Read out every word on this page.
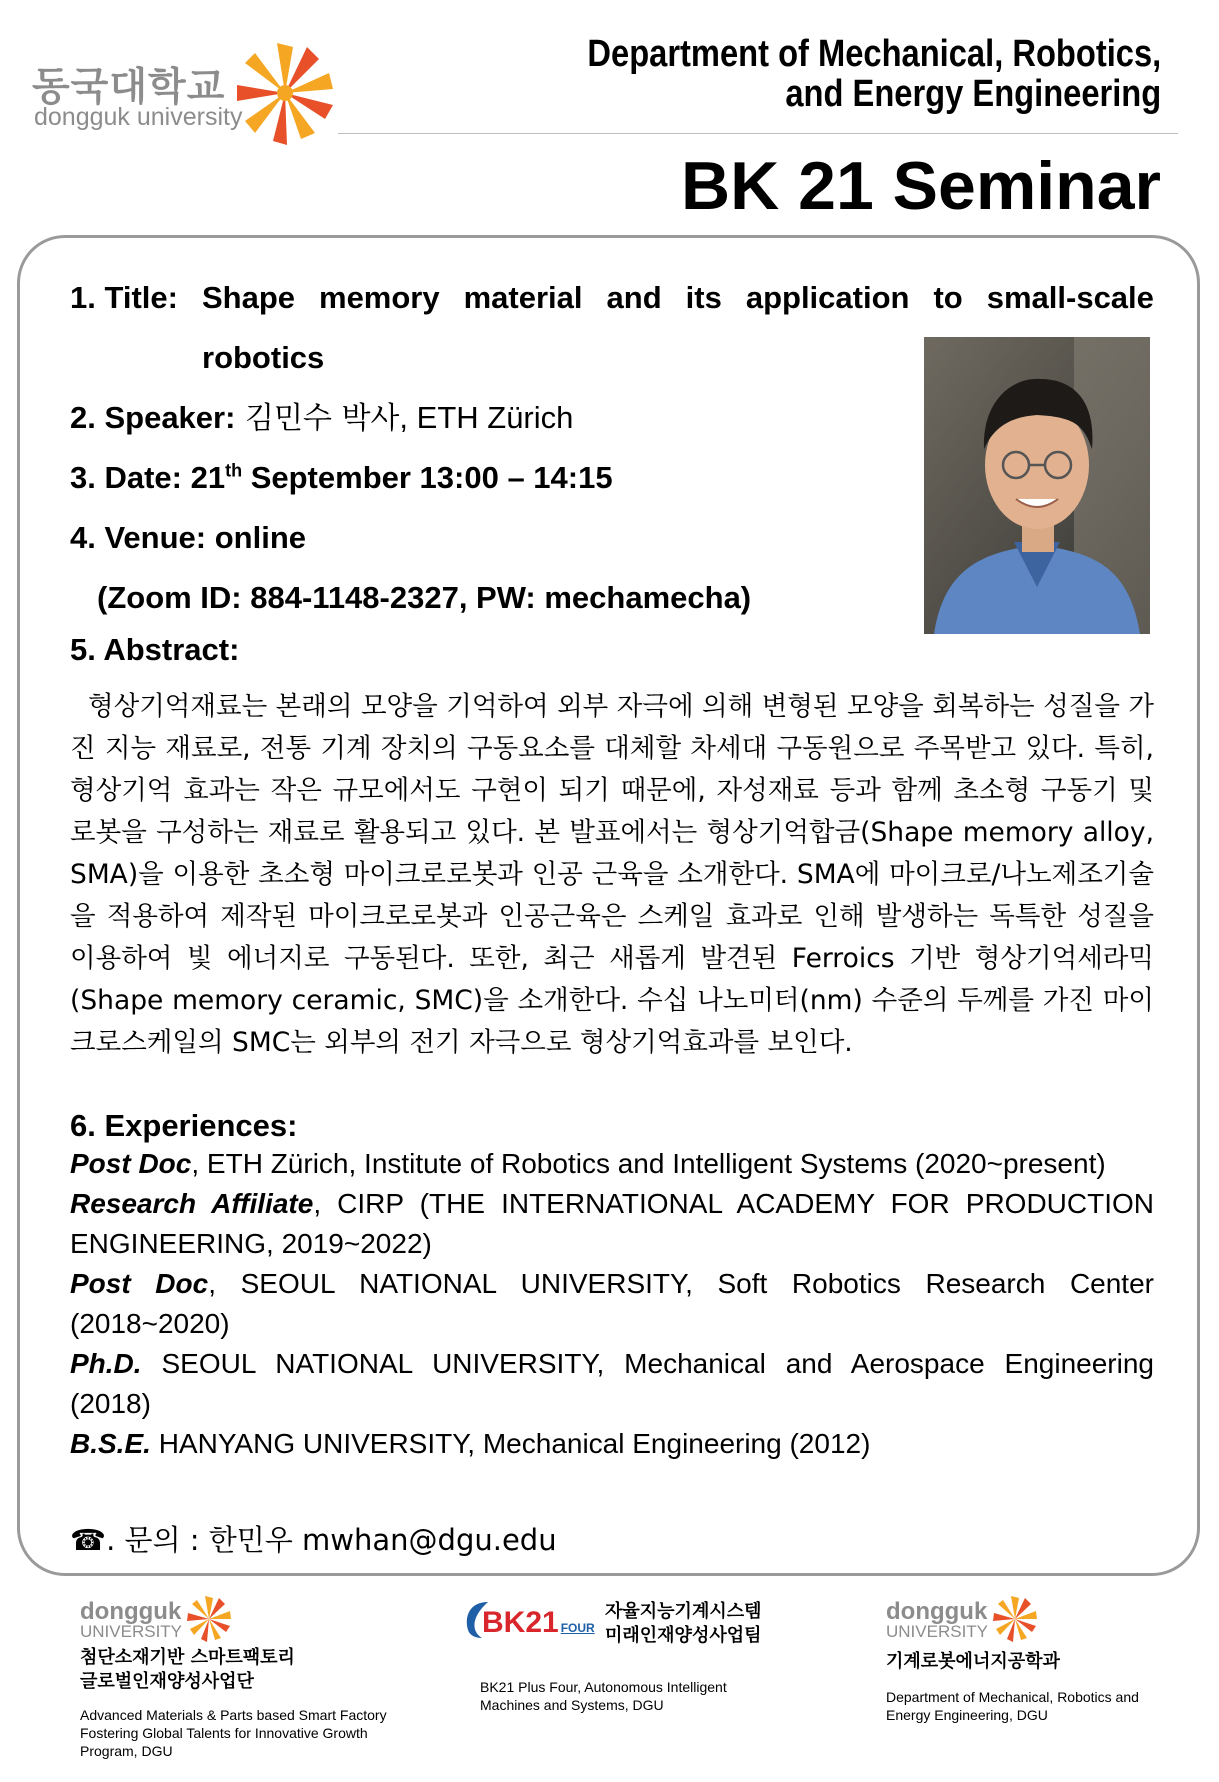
동국대학교
dongguk university
Department of Mechanical, Robotics,
and Energy Engineering
BK 21 Seminar
1. Title: Shape memory material and its application to small-scale
robotics
2. Speaker: 김민수 박사, ETH Zürich
3. Date: 21th September 13:00 – 14:15
4. Venue: online
(Zoom ID: 884-1148-2327, PW: mechamecha)
5. Abstract:
형상기억재료는 본래의 모양을 기억하여 외부 자극에 의해 변형된 모양을 회복하는 성질을 가진 지능 재료로, 전통 기계 장치의 구동요소를 대체할 차세대 구동원으로 주목받고 있다. 특히, 형상기억 효과는 작은 규모에서도 구현이 되기 때문에, 자성재료 등과 함께 초소형 구동기 및 로봇을 구성하는 재료로 활용되고 있다. 본 발표에서는 형상기억합금(Shape memory alloy, SMA)을 이용한 초소형 마이크로로봇과 인공 근육을 소개한다. SMA에 마이크로/나노제조기술을 적용하여 제작된 마이크로로봇과 인공근육은 스케일 효과로 인해 발생하는 독특한 성질을 이용하여 빛 에너지로 구동된다. 또한, 최근 새롭게 발견된 Ferroics 기반 형상기억세라믹(Shape memory ceramic, SMC)을 소개한다. 수십 나노미터(nm) 수준의 두께를 가진 마이크로스케일의 SMC는 외부의 전기 자극으로 형상기억효과를 보인다.
6. Experiences:
Post Doc, ETH Zürich, Institute of Robotics and Intelligent Systems (2020~present)
Research Affiliate, CIRP (THE INTERNATIONAL ACADEMY FOR PRODUCTION ENGINEERING, 2019~2022)
Post Doc, SEOUL NATIONAL UNIVERSITY, Soft Robotics Research Center (2018~2020)
Ph.D. SEOUL NATIONAL UNIVERSITY, Mechanical and Aerospace Engineering (2018)
B.S.E. HANYANG UNIVERSITY, Mechanical Engineering (2012)
☎. 문의 : 한민우 mwhan@dgu.edu
dongguk
UNIVERSITY
첨단소재기반 스마트팩토리
글로벌인재양성사업단
Advanced Materials & Parts based Smart Factory
Fostering Global Talents for Innovative Growth
Program, DGU
BK21 FOUR
자율지능기계시스템
미래인재양성사업팀
BK21 Plus Four, Autonomous Intelligent
Machines and Systems, DGU
dongguk
UNIVERSITY
기계로봇에너지공학과
Department of Mechanical, Robotics and
Energy Engineering, DGU
